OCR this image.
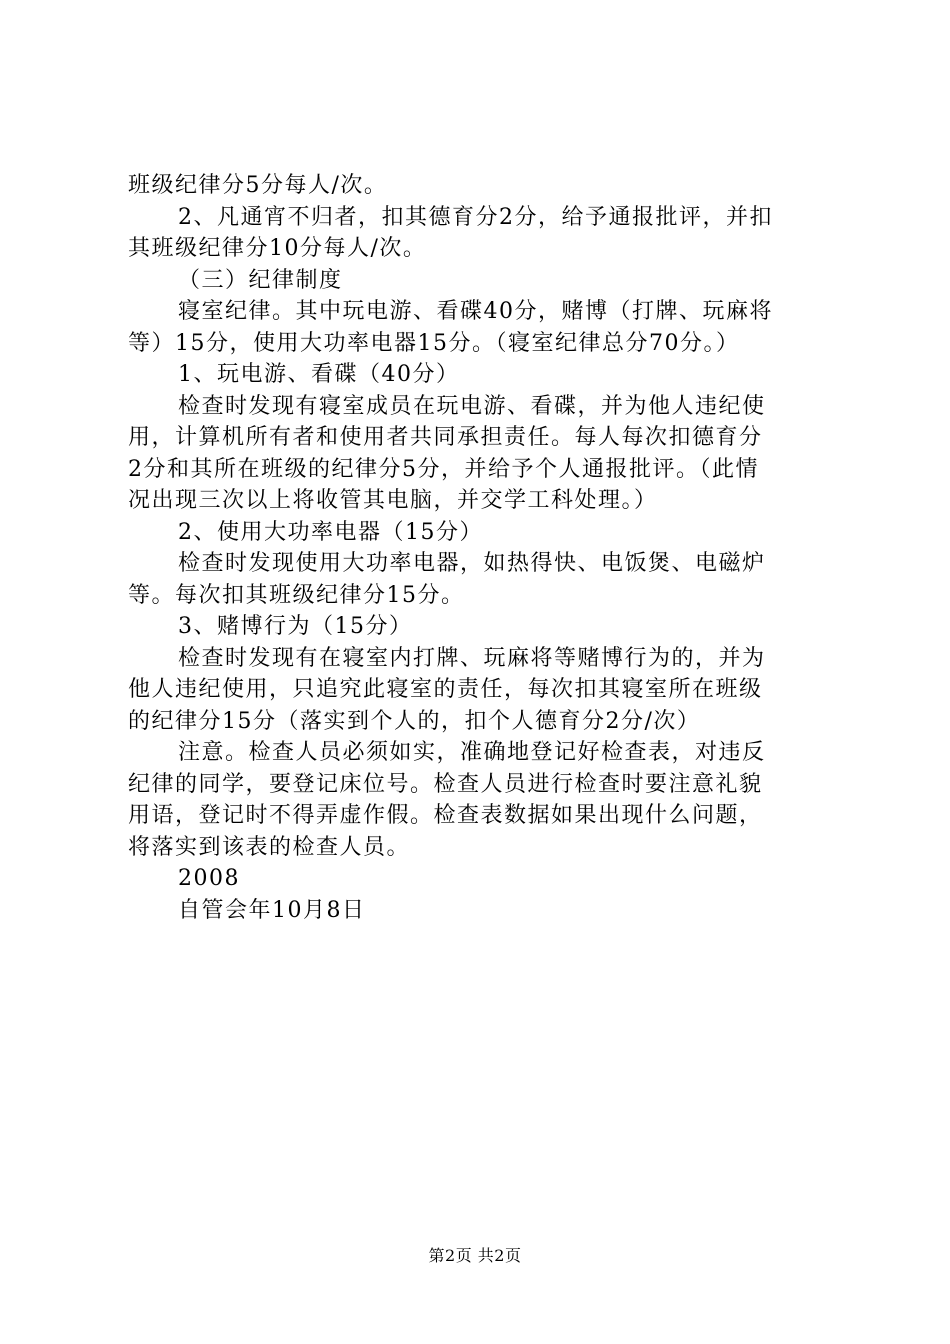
班级纪律分5分每人/次。
2、凡通宵不归者，扣其德育分2分，给予通报批评，并扣
其班级纪律分10分每人/次。
（三）纪律制度
寝室纪律。其中玩电游、看碟40分，赌博（打牌、玩麻将
等）15分，使用大功率电器15分。（寝室纪律总分70分。）
1、玩电游、看碟（40分）
检查时发现有寝室成员在玩电游、看碟，并为他人违纪使
用，计算机所有者和使用者共同承担责任。每人每次扣德育分
2分和其所在班级的纪律分5分，并给予个人通报批评。（此情
况出现三次以上将收管其电脑，并交学工科处理。）
2、使用大功率电器（15分）
检查时发现使用大功率电器，如热得快、电饭煲、电磁炉
等。每次扣其班级纪律分15分。
3、赌博行为（15分）
检查时发现有在寝室内打牌、玩麻将等赌博行为的，并为
他人违纪使用，只追究此寝室的责任，每次扣其寝室所在班级
的纪律分15分（落实到个人的，扣个人德育分2分/次）
注意。检查人员必须如实，准确地登记好检查表，对违反
纪律的同学，要登记床位号。检查人员进行检查时要注意礼貌
用语，登记时不得弄虚作假。检查表数据如果出现什么问题，
将落实到该表的检查人员。
2008
自管会年10月8日
第2页 共2页
